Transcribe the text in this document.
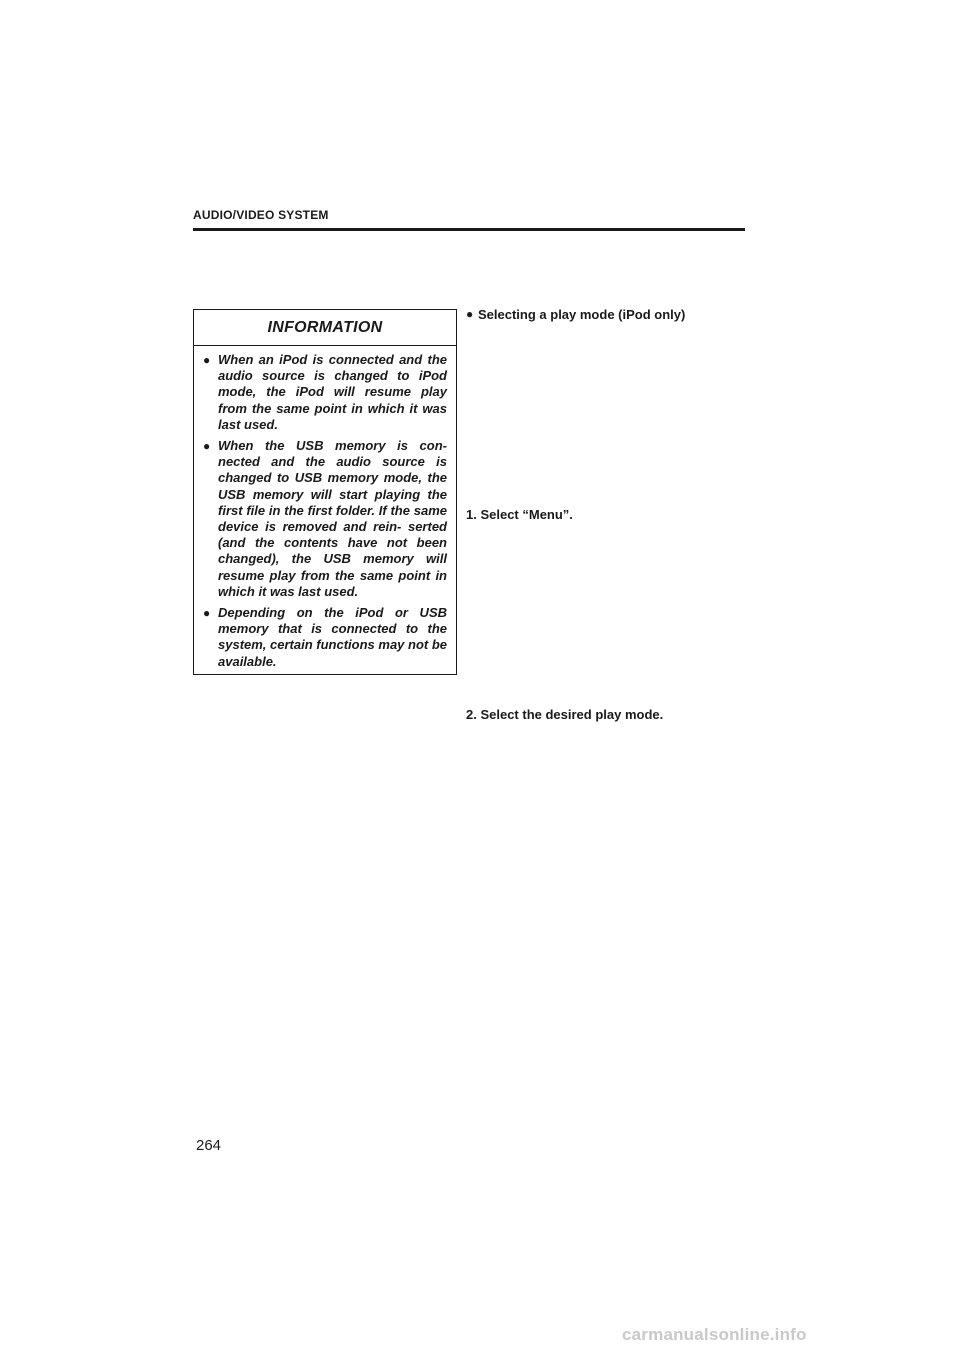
AUDIO/VIDEO SYSTEM
INFORMATION
● When an iPod is connected and the audio source is changed to iPod mode, the iPod will resume play from the same point in which it was last used.
● When the USB memory is con- nected and the audio source is changed to USB memory mode, the USB memory will start playing the first file in the first folder. If the same device is removed and rein- serted (and the contents have not been changed), the USB memory will resume play from the same point in which it was last used.
● Depending on the iPod or USB memory that is connected to the system, certain functions may not be available.
● Selecting a play mode (iPod only)
1. Select “Menu”.
2. Select the desired play mode.
264
carmanualsonline.info
